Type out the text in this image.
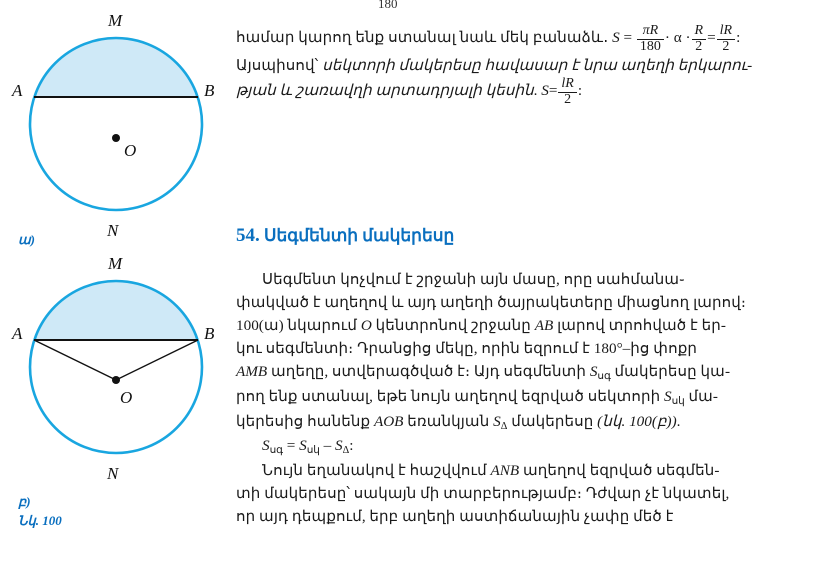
180
M
A	B
N
O
ա)
M
A	B
N
O
բ)
Նկ. 100

համար կարող ենք ստանալ նաև մեկ բանաձև․ $S = \frac{\pi R}{180} \cdot \alpha \cdot \frac{R}{2} = \frac{lR}{2}$ :

Այսպիսով՝ սեկտորի մակերեսը հավասար է նրա աղեղի երկարու-

թյան և շառավղի արտադրյալի կեսին. $S= \frac{lR}{2}$ :

54. Սեգմենտի մակերեսը

Սեգմենտ կոչվում է շրջանի այն մասը, որը սահմանա֊

փակված է աղեղով և այդ աղեղի ծայրակետերը միացնող լարով։

100(ա) նկարում O կենտրոնով շրջանը AB լարով տրոհված է եր-

կու սեգմենտի։ Դրանցից մեկը, որին եզրում է 180°–ից փոքր

AMB աղեղը, ստվերագծված է։ Այդ սեգմենտի $S_{սգ}$ մակերեսը կա-

րող ենք ստանալ, եթե նույն աղեղով եզրված սեկտորի $S_{սկ}$ մա-

կերեսից հանենք AOB եռանկյան $S_\Delta$ մակերեսը (նկ. 100(բ)).

$S_{սգ} = S_{սկ} - S_\Delta$:

Նույն եղանակով է հաշվվում ANB աղեղով եզրված սեգմեն-

տի մակերեսը՝ սակայն մի տարբերությամբ։ Դժվար չէ նկատել,

որ այդ դեպքում, երբ աղեղի աստիճանային չափը մեծ է
